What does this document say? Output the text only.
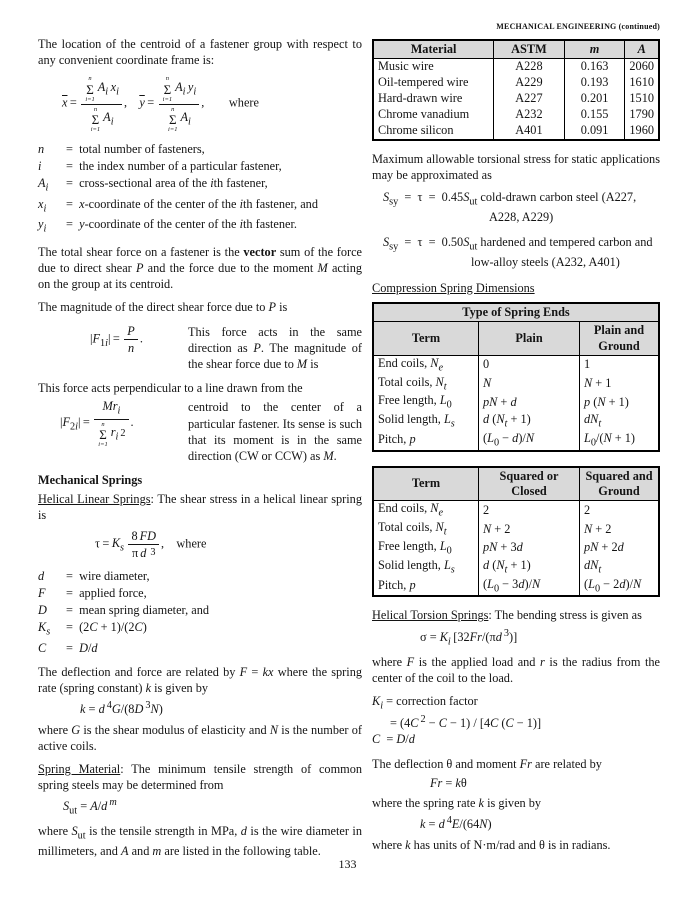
The location of the centroid of a fastener group with respect to any convenient coordinate frame is:

$\overline{x} = n$
Σ
i=1
$A_i$ $x_i$
n
Σ
i=1
$A_i$ , $\overline{y} = n$
Σ
i=1
$A_i$ $y_i$
n
Σ
i=1
$A_i$ ,  where
n	= total number of fasteners,
i	= the index number of a particular fastener,
$A_i$	= cross-sectional area of the ith fastener,
$x_i$	= x-coordinate of the center of the ith fastener, and
$y_i$	= y-coordinate of the center of the ith fastener.

The total shear force on a fastener is the vector sum of the force due to direct shear P and the force due to the moment M acting on the group at its centroid.

The magnitude of the direct shear force due to P is

$|F_{1i}| = \frac{P}{n}$ .	This force acts in the same direction as P. The magnitude of the shear force due to M is

This force acts perpendicular to a line drawn from the

$|F_{2i}| = Mr_i$
n
Σ
i=1
$r_i$ 2 .
centroid to the center of a particular fastener. Its sense is such that its moment is in the same direction (CW or CCW) as M.
Mechanical Springs

Helical Linear Springs: The shear stress in a helical linear spring is

$\tau = K_s \frac{8 FD}{\text{π d  3}}$ , where
d	= wire diameter,
F	= applied force,
D	= mean spring diameter, and
$K_s$	= (2C + 1)/(2C)
C	= D/d

The deflection and force are related by F = kx where the spring rate (spring constant) k is given by

k = d $^4$G/(8D $^3$N)

where G is the shear modulus of elasticity and N is the number of active coils.

Spring Material: The minimum tensile strength of common spring steels may be determined from

$S_{ut} = A/d$  $^m$

where $S_{ut}$ is the tensile strength in MPa, d is the wire diameter in millimeters, and A and m are listed in the following table.

MECHANICAL ENGINEERING (continued)
Material	ASTM	m	A
Music wire	A228	0.163	2060
Oil-tempered wire	A229	0.193	1610
Hard-drawn wire	A227	0.201	1510
Chrome vanadium	A232	0.155	1790
Chrome silicon	A401	0.091	1960

Maximum allowable torsional stress for static applications may be approximated as

$S_{sy}$ = τ = $0.45S_{ut}$ cold-drawn carbon steel (A227,
A228, A229)
$S_{sy}$ = τ = $0.50S_{ut}$ hardened and tempered carbon and
low-alloy steels (A232, A401)
Compression Spring Dimensions
Type of Spring Ends		
Term	Plain	Plain and Ground
End coils, $N_e$	0	1
Total coils, $N_t$	N	N + 1
Free length, $L_0$	pN + d	p (N + 1)
Solid length, $L_s$	d $(N_t + 1)$	$dN_t$
Pitch, p	$(L_0 - d)/N$	$L_0/(N + 1)$
Term	Squared or Closed	Squared and Ground
End coils, $N_e$	2	2
Total coils, $N_t$	N + 2	N + 2
Free length, $L_0$	pN + 3d	pN + 2d
Solid length, $L_s$	d $(N_t + 1)$	$dN_t$
Pitch, p	$(L_0 - 3d)/N$	$(L_0 - 2d)/N$

Helical Torsion Springs: The bending stress is given as

$\sigma = K_i$ [32Fr/(πd $^3$)]

where F is the applied load and r is the radius from the center of the coil to the load.

$K_i$ = correction factor
= (4C $^2$ − C − 1) / [4C (C − 1)]
C = D/d

The deflection θ and moment Fr are related by

Fr = kθ

where the spring rate k is given by

k = d $^4$E/(64N)

where k has units of N·m/rad and θ is in radians.

133
